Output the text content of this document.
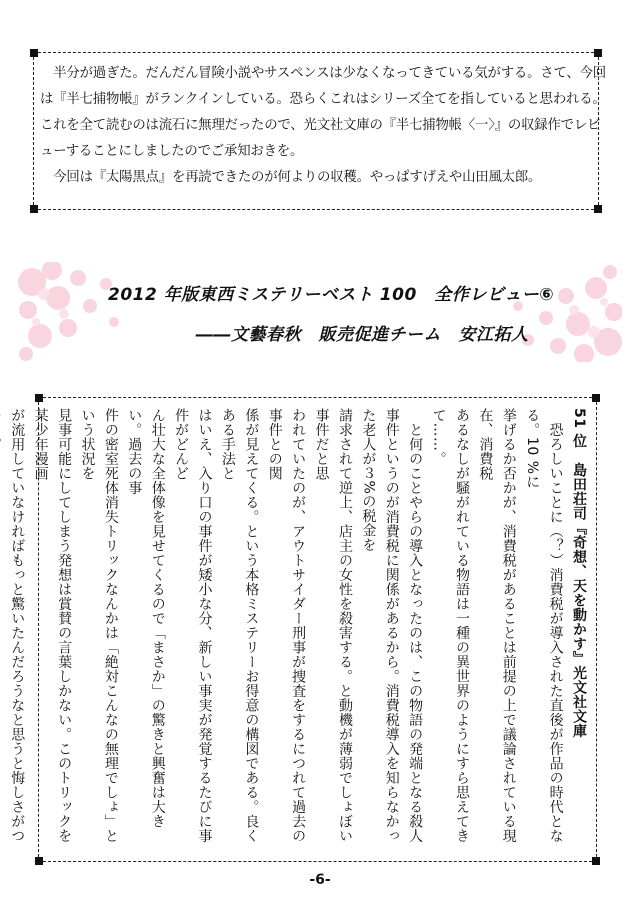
　半分が過ぎた。だんだん冒険小説やサスペンスは少なくなってきている気がする。さて、今回

は『半七捕物帳』がランクインしている。恐らくこれはシリーズ全てを指していると思われる。

これを全て読むのは流石に無理だったので、光文社文庫の『半七捕物帳〈一〉』の収録作でレビ

ューすることにしましたのでご承知おきを。

　今回は『太陽黒点』を再読できたのが何よりの収穫。やっぱすげえや山田風太郎。

2012 年版東西ミステリーベスト 100　全作レビュー⑥
――文藝春秋　販売促進チーム　安江拓人

51 位　島田荘司『奇想、天を動かす』光文社文庫

　恐ろしいことに（？）消費税が導入された直後が作品の時代となる。10 %に

挙げるか否かが、消費税があることは前提の上で議論されている現在、消費税

あるなしが騒がれている物語は一種の異世界のようにすら思えてきて……。

　と何のことやらの導入となったのは、この物語の発端となる殺人事件というのが消費税に関係があるから。消費税導入を知らなかった老人が３%の税金を

請求されて逆上、店主の女性を殺害する。と動機が薄弱でしょぼい事件だと思

われていたのが、アウトサイダー刑事が捜査をするにつれて過去の事件との関

係が見えてくる。という本格ミステリーお得意の構図である。良くある手法と

はいえ、入り口の事件が矮小な分、新しい事実が発覚するたびに事件がどんど

ん壮大な全体像を見せてくるので「まさか」の驚きと興奮は大きい。過去の事

件の密室死体消失トリックなんかは「絶対こんなの無理でしょ」という状況を

見事可能にしてしまう発想は賞賛の言葉しかない。このトリックを某少年漫画

が流用していなければもっと驚いたんだろうなと思うと悔しさがつ

-6-
